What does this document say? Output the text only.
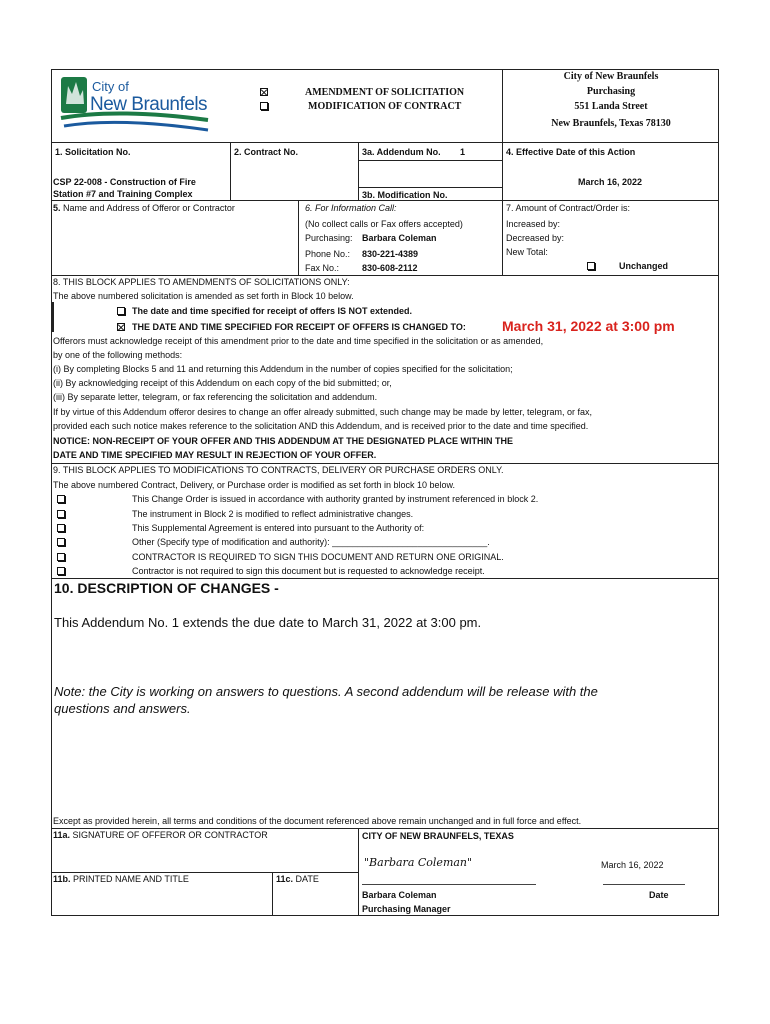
City of
New Braunfels
AMENDMENT OF SOLICITATION
MODIFICATION OF CONTRACT
City of New Braunfels
Purchasing
551 Landa Street
New Braunfels, Texas 78130
1. Solicitation No.
CSP 22-008 - Construction of Fire
Station #7 and Training Complex
2. Contract No.	3a. Addendum No. 1
3b. Modification No.
4. Effective Date of this Action
March 16, 2022
5. Name and Address of Offeror or Contractor	6. For Information Call:
(No collect calls or Fax offers accepted)
Purchasing: Barbara Coleman
Phone No.: 830-221-4389
Fax No.:	830-608-2112
7. Amount of Contract/Order is:
Increased by:
Decreased by:
New Total:
Unchanged
8. THIS BLOCK APPLIES TO AMENDMENTS OF SOLICITATIONS ONLY:
The above numbered solicitation is amended as set forth in Block 10 below.
The date and time specified for receipt of offers IS NOT extended.
THE DATE AND TIME SPECIFIED FOR RECEIPT OF OFFERS IS CHANGED TO:	March 31, 2022 at 3:00 pm
Offerors must acknowledge receipt of this amendment prior to the date and time specified in the solicitation or as amended,
by one of the following methods:
(i) By completing Blocks 5 and 11 and returning this Addendum in the number of copies specified for the solicitation;
(ii) By acknowledging receipt of this Addendum on each copy of the bid submitted; or,
(iii) By separate letter, telegram, or fax referencing the solicitation and addendum.
If by virtue of this Addendum offeror desires to change an offer already submitted, such change may be made by letter, telegram, or fax,
provided each such notice makes reference to the solicitation AND this Addendum, and is received prior to the date and time specified.
NOTICE: NON-RECEIPT OF YOUR OFFER AND THIS ADDENDUM AT THE DESIGNATED PLACE WITHIN THE
DATE AND TIME SPECIFIED MAY RESULT IN REJECTION OF YOUR OFFER.
9. THIS BLOCK APPLIES TO MODIFICATIONS TO CONTRACTS, DELIVERY OR PURCHASE ORDERS ONLY.
The above numbered Contract, Delivery, or Purchase order is modified as set forth in block 10 below.
This Change Order is issued in accordance with authority granted by instrument referenced in block 2.
The instrument in Block 2 is modified to reflect administrative changes.
This Supplemental Agreement is entered into pursuant to the Authority of:
Other (Specify type of modification and authority): _______________________________.
CONTRACTOR IS REQUIRED TO SIGN THIS DOCUMENT AND RETURN ONE ORIGINAL.
Contractor is not required to sign this document but is requested to acknowledge receipt.
10. DESCRIPTION OF CHANGES -
This Addendum No. 1 extends the due date to March 31, 2022 at 3:00 pm.
Note: the City is working on answers to questions. A second addendum will be release with the
questions and answers.
Except as provided herein, all terms and conditions of the document referenced above remain unchanged and in full force and effect.
11a. SIGNATURE OF OFFEROR OR CONTRACTOR	CITY OF NEW BRAUNFELS, TEXAS
"Barbara Coleman"	March 16, 2022
11b. PRINTED NAME AND TITLE	11c. DATE
Barbara Coleman	Date
Purchasing Manager
